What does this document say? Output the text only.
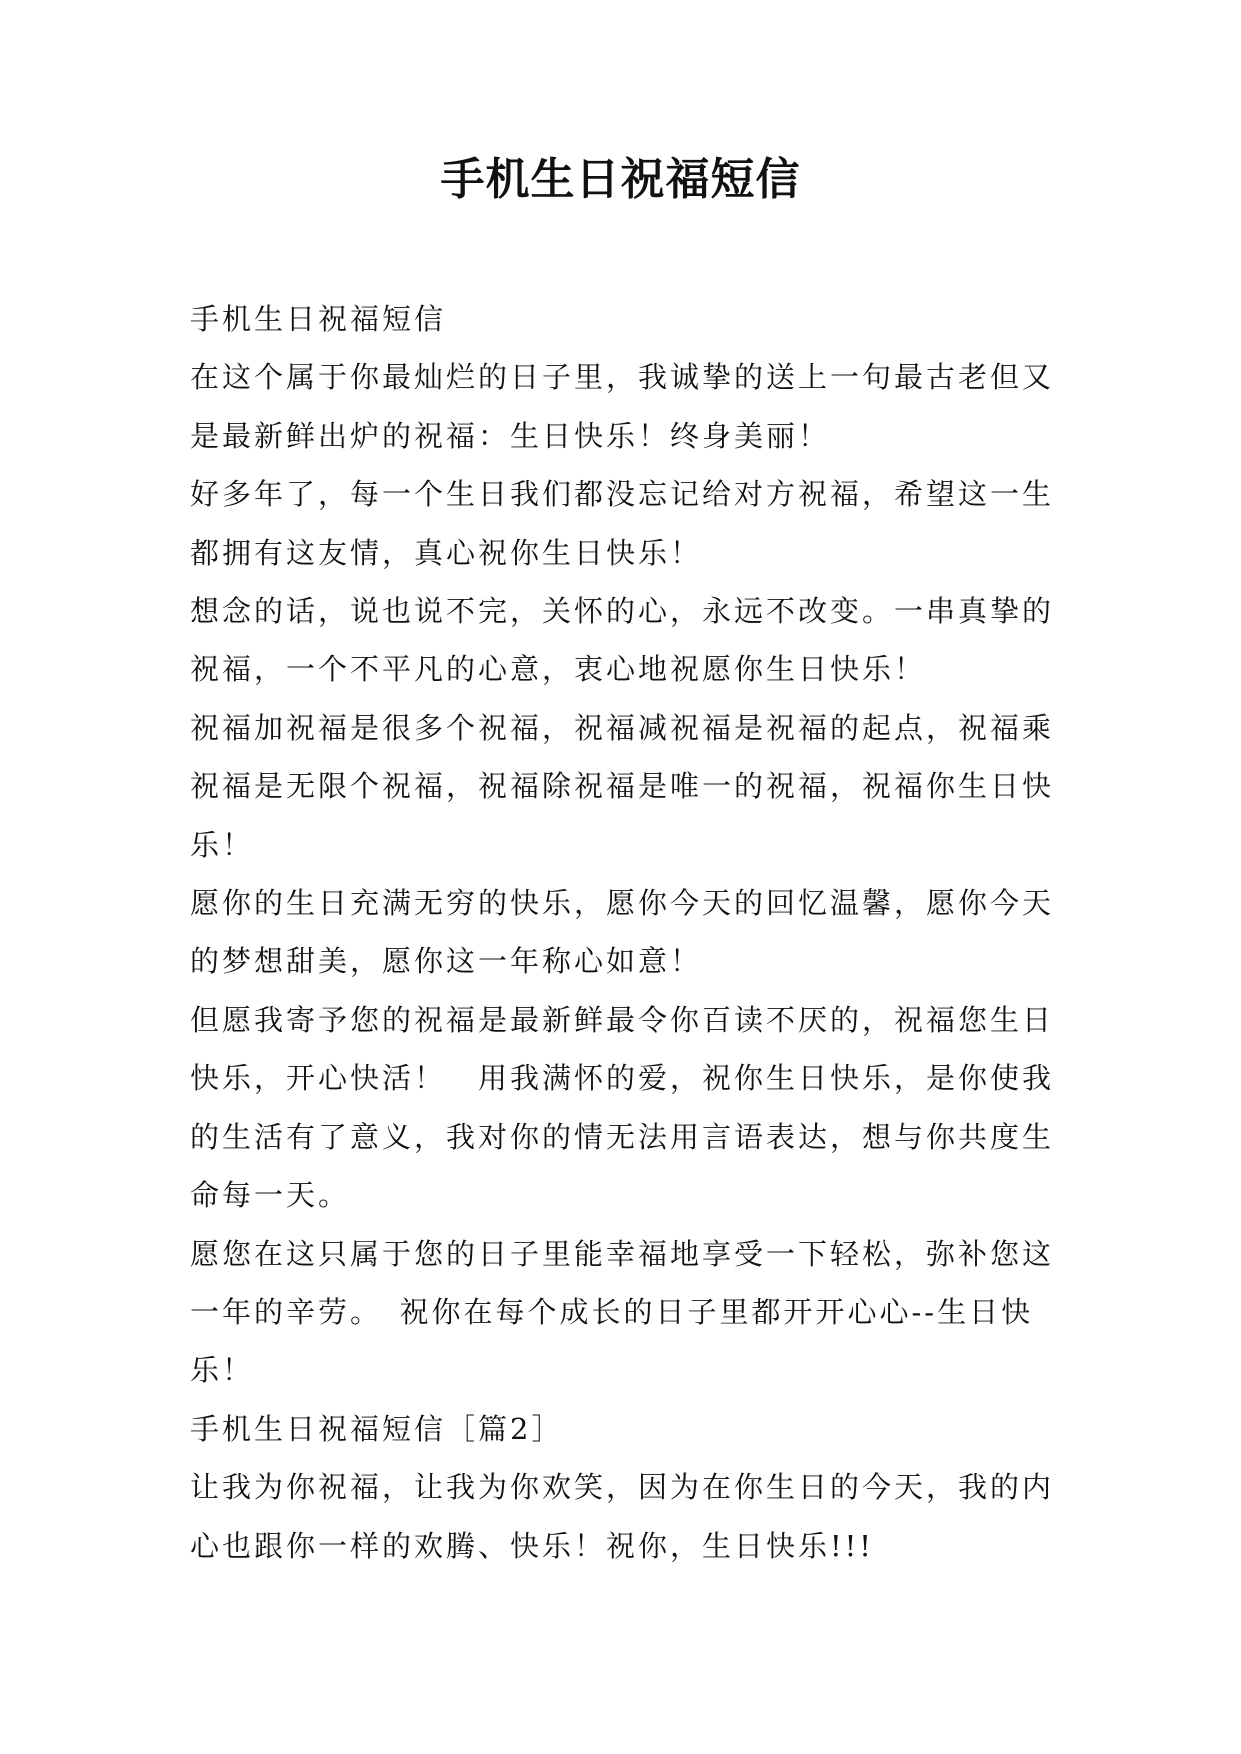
手机生日祝福短信

手机生日祝福短信

在这个属于你最灿烂的日子里，我诚挚的送上一句最古老但又是最新鲜出炉的祝福：生日快乐！终身美丽！

好多年了，每一个生日我们都没忘记给对方祝福，希望这一生都拥有这友情，真心祝你生日快乐！

想念的话，说也说不完，关怀的心，永远不改变。一串真挚的祝福，一个不平凡的心意，衷心地祝愿你生日快乐！

祝福加祝福是很多个祝福，祝福减祝福是祝福的起点，祝福乘祝福是无限个祝福，祝福除祝福是唯一的祝福，祝福你生日快乐！

愿你的生日充满无穷的快乐，愿你今天的回忆温馨，愿你今天的梦想甜美，愿你这一年称心如意！

但愿我寄予您的祝福是最新鲜最令你百读不厌的，祝福您生日快乐，开心快活！　用我满怀的爱，祝你生日快乐，是你使我的生活有了意义，我对你的情无法用言语表达，想与你共度生命每一天。

愿您在这只属于您的日子里能幸福地享受一下轻松，弥补您这一年的辛劳。　祝你在每个成长的日子里都开开心心--生日快乐！

手机生日祝福短信［篇2］

让我为你祝福，让我为你欢笑，因为在你生日的今天，我的内心也跟你一样的欢腾、快乐！祝你，生日快乐!!!
